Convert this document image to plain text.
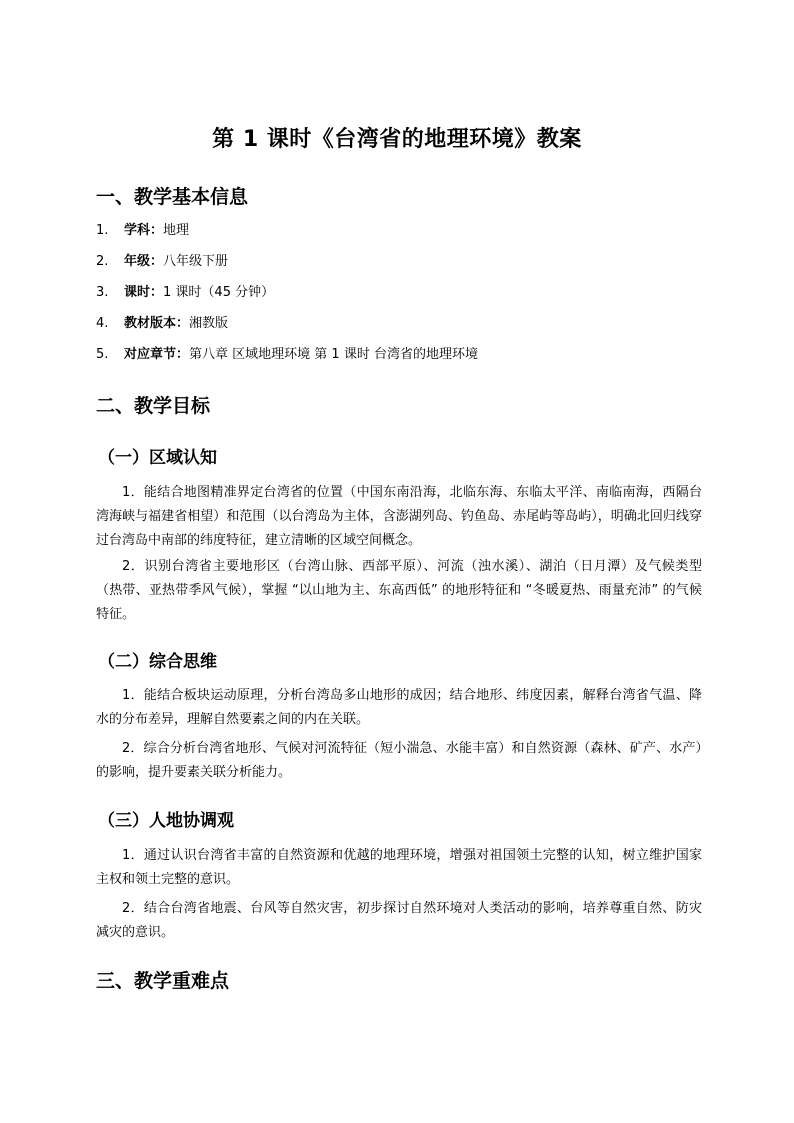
第 1 课时《台湾省的地理环境》教案
一、教学基本信息
1. 学科：地理
2. 年级：八年级下册
3. 课时：1 课时（45 分钟）
4. 教材版本：湘教版
5. 对应章节：第八章 区域地理环境 第 1 课时 台湾省的地理环境
二、教学目标
（一）区域认知
1．能结合地图精准界定台湾省的位置（中国东南沿海，北临东海、东临太平洋、南临南海，西隔台湾海峡与福建省相望）和范围（以台湾岛为主体，含澎湖列岛、钓鱼岛、赤尾屿等岛屿），明确北回归线穿过台湾岛中南部的纬度特征，建立清晰的区域空间概念。
2．识别台湾省主要地形区（台湾山脉、西部平原）、河流（浊水溪）、湖泊（日月潭）及气候类型（热带、亚热带季风气候），掌握 “以山地为主、东高西低” 的地形特征和 “冬暖夏热、雨量充沛” 的气候特征。
（二）综合思维
1．能结合板块运动原理，分析台湾岛多山地形的成因；结合地形、纬度因素，解释台湾省气温、降水的分布差异，理解自然要素之间的内在关联。
2．综合分析台湾省地形、气候对河流特征（短小湍急、水能丰富）和自然资源（森林、矿产、水产）的影响，提升要素关联分析能力。
（三）人地协调观
1．通过认识台湾省丰富的自然资源和优越的地理环境，增强对祖国领土完整的认知，树立维护国家主权和领土完整的意识。
2．结合台湾省地震、台风等自然灾害，初步探讨自然环境对人类活动的影响，培养尊重自然、防灾减灾的意识。
三、教学重难点
